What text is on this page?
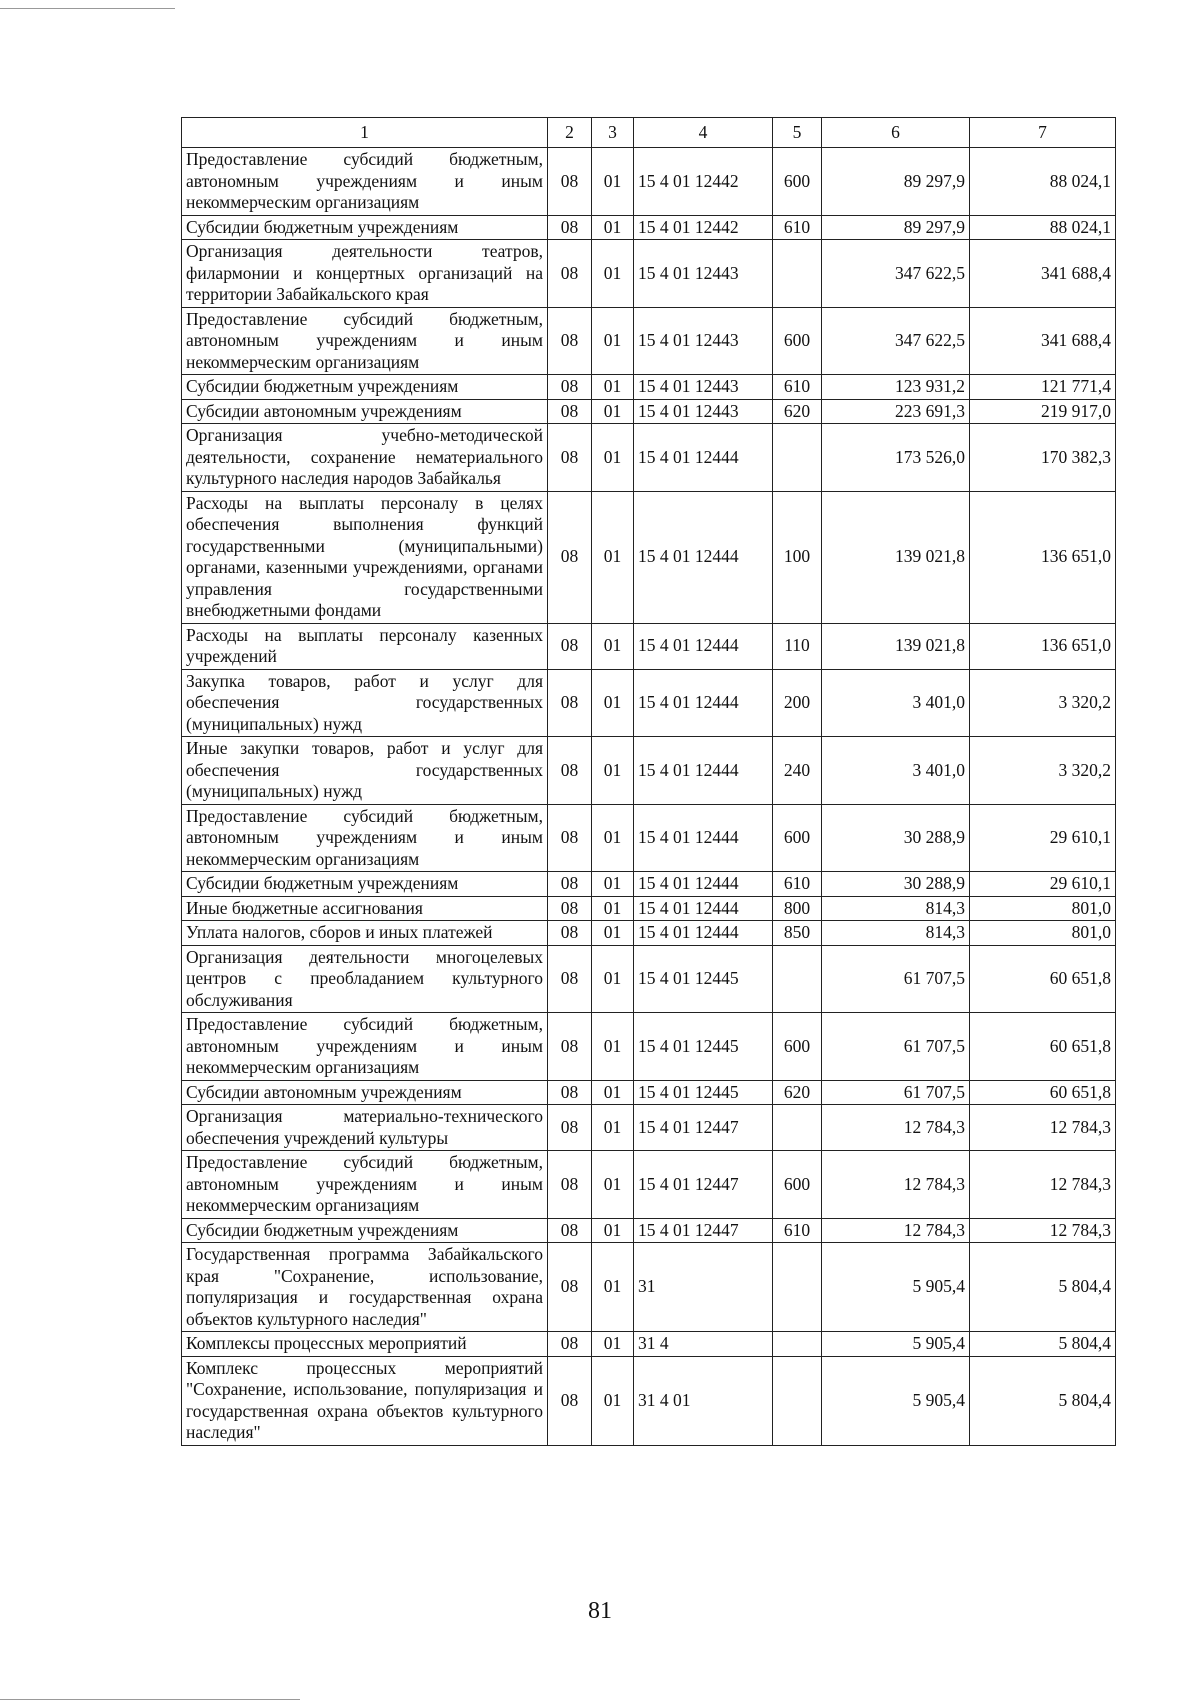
1	2	3	4	5	6	7
Предоставление субсидий бюджетным, автономным учреждениям и иным некоммерческим организациям	08	01	15 4 01 12442	600	89 297,9	88 024,1
Субсидии бюджетным учреждениям	08	01	15 4 01 12442	610	89 297,9	88 024,1
Организация деятельности театров, филармонии и концертных организаций на территории Забайкальского края	08	01	15 4 01 12443		347 622,5	341 688,4
Предоставление субсидий бюджетным, автономным учреждениям и иным некоммерческим организациям	08	01	15 4 01 12443	600	347 622,5	341 688,4
Субсидии бюджетным учреждениям	08	01	15 4 01 12443	610	123 931,2	121 771,4
Субсидии автономным учреждениям	08	01	15 4 01 12443	620	223 691,3	219 917,0
Организация учебно-методической деятельности, сохранение нематериального культурного наследия народов Забайкалья	08	01	15 4 01 12444		173 526,0	170 382,3
Расходы на выплаты персоналу в целях обеспечения выполнения функций государственными (муниципальными) органами, казенными учреждениями, органами управления государственными внебюджетными фондами	08	01	15 4 01 12444	100	139 021,8	136 651,0
Расходы на выплаты персоналу казенных учреждений	08	01	15 4 01 12444	110	139 021,8	136 651,0
Закупка товаров, работ и услуг для обеспечения государственных (муниципальных) нужд	08	01	15 4 01 12444	200	3 401,0	3 320,2
Иные закупки товаров, работ и услуг для обеспечения государственных (муниципальных) нужд	08	01	15 4 01 12444	240	3 401,0	3 320,2
Предоставление субсидий бюджетным, автономным учреждениям и иным некоммерческим организациям	08	01	15 4 01 12444	600	30 288,9	29 610,1
Субсидии бюджетным учреждениям	08	01	15 4 01 12444	610	30 288,9	29 610,1
Иные бюджетные ассигнования	08	01	15 4 01 12444	800	814,3	801,0
Уплата налогов, сборов и иных платежей	08	01	15 4 01 12444	850	814,3	801,0
Организация деятельности многоцелевых центров с преобладанием культурного обслуживания	08	01	15 4 01 12445		61 707,5	60 651,8
Предоставление субсидий бюджетным, автономным учреждениям и иным некоммерческим организациям	08	01	15 4 01 12445	600	61 707,5	60 651,8
Субсидии автономным учреждениям	08	01	15 4 01 12445	620	61 707,5	60 651,8
Организация материально-технического обеспечения учреждений культуры	08	01	15 4 01 12447		12 784,3	12 784,3
Предоставление субсидий бюджетным, автономным учреждениям и иным некоммерческим организациям	08	01	15 4 01 12447	600	12 784,3	12 784,3
Субсидии бюджетным учреждениям	08	01	15 4 01 12447	610	12 784,3	12 784,3
Государственная программа Забайкальского края "Сохранение, использование, популяризация и государственная охрана объектов культурного наследия"	08	01	31		5 905,4	5 804,4
Комплексы процессных мероприятий	08	01	31 4		5 905,4	5 804,4
Комплекс процессных мероприятий "Сохранение, использование, популяризация и государственная охрана объектов культурного наследия"	08	01	31 4 01		5 905,4	5 804,4
81
